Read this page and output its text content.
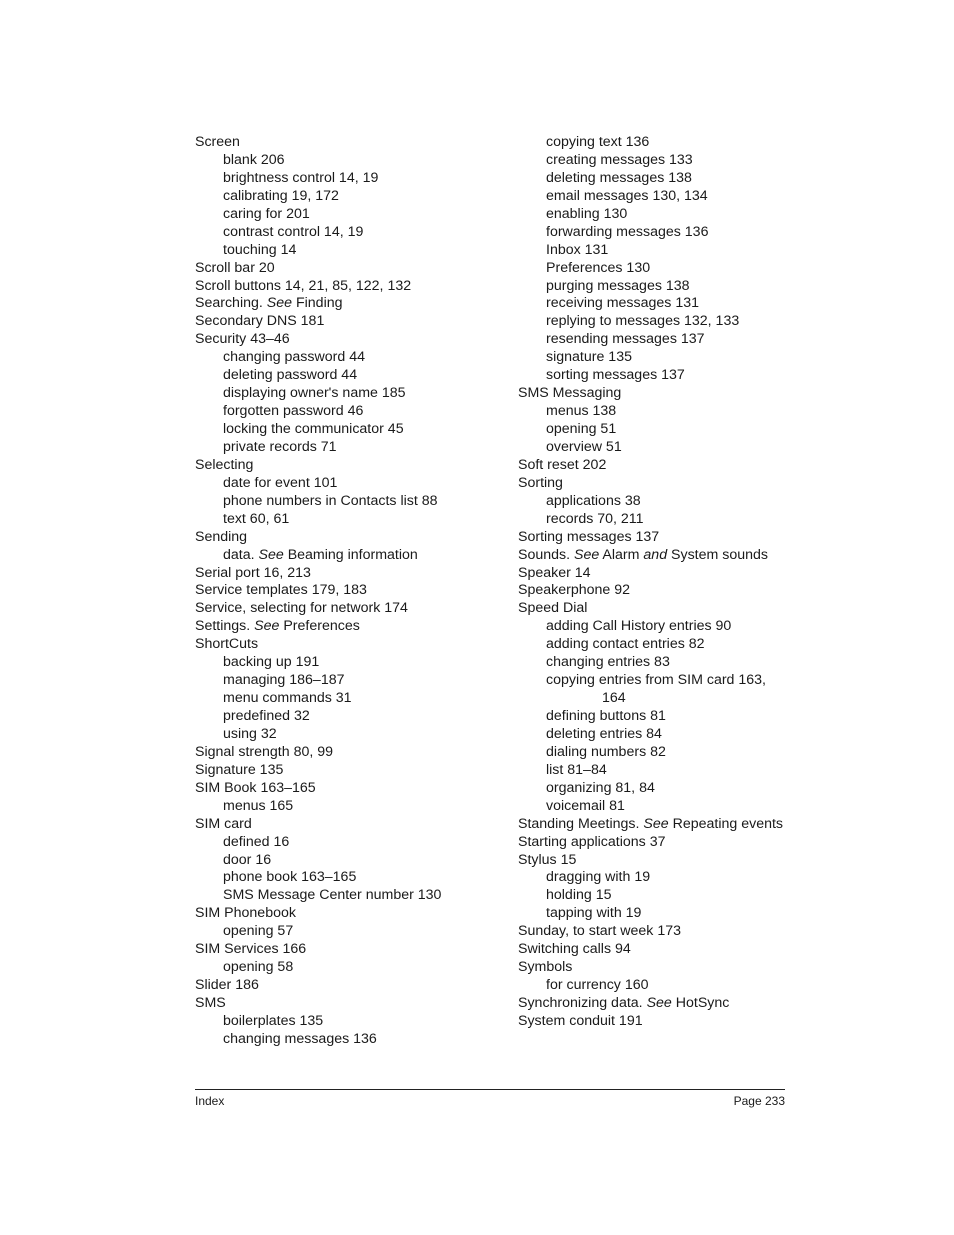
Screen
blank 206
brightness control 14, 19
calibrating 19, 172
caring for 201
contrast control 14, 19
touching 14
Scroll bar 20
Scroll buttons 14, 21, 85, 122, 132
Searching. See Finding
Secondary DNS 181
Security 43–46
changing password 44
deleting password 44
displaying owner's name 185
forgotten password 46
locking the communicator 45
private records 71
Selecting
date for event 101
phone numbers in Contacts list 88
text 60, 61
Sending
data. See Beaming information
Serial port 16, 213
Service templates 179, 183
Service, selecting for network 174
Settings. See Preferences
ShortCuts
backing up 191
managing 186–187
menu commands 31
predefined 32
using 32
Signal strength 80, 99
Signature 135
SIM Book 163–165
menus 165
SIM card
defined 16
door 16
phone book 163–165
SMS Message Center number 130
SIM Phonebook
opening 57
SIM Services 166
opening 58
Slider 186
SMS
boilerplates 135
changing messages 136
copying text 136
creating messages 133
deleting messages 138
email messages 130, 134
enabling 130
forwarding messages 136
Inbox 131
Preferences 130
purging messages 138
receiving messages 131
replying to messages 132, 133
resending messages 137
signature 135
sorting messages 137
SMS Messaging
menus 138
opening 51
overview 51
Soft reset 202
Sorting
applications 38
records 70, 211
Sorting messages 137
Sounds. See Alarm and System sounds
Speaker 14
Speakerphone 92
Speed Dial
adding Call History entries 90
adding contact entries 82
changing entries 83
copying entries from SIM card 163,
164
defining buttons 81
deleting entries 84
dialing numbers 82
list 81–84
organizing 81, 84
voicemail 81
Standing Meetings. See Repeating events
Starting applications 37
Stylus 15
dragging with 19
holding 15
tapping with 19
Sunday, to start week 173
Switching calls 94
Symbols
for currency 160
Synchronizing data. See HotSync
System conduit 191
Index	Page 233
